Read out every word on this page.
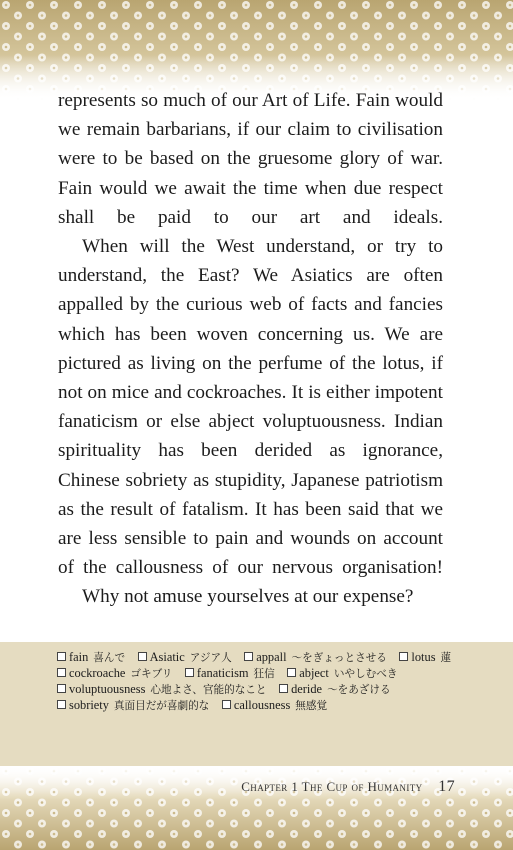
represents so much of our Art of Life. Fain would we remain barbarians, if our claim to civilisation were to be based on the gruesome glory of war. Fain would we await the time when due respect shall be paid to our art and ideals.

When will the West understand, or try to understand, the East? We Asiatics are often appalled by the curious web of facts and fancies which has been woven concerning us. We are pictured as living on the perfume of the lotus, if not on mice and cockroaches. It is either impotent fanaticism or else abject voluptuousness. Indian spirituality has been derided as ignorance, Chinese sobriety as stupidity, Japanese patriotism as the result of fatalism. It has been said that we are less sensible to pain and wounds on account of the callousness of our nervous organisation!

Why not amuse yourselves at our expense?

fain 喜んで Asiatic アジア人 appall ～をぎょっとさせる lotus 蓮
cockroache ゴキブリ fanaticism 狂信 abject いやしむべき
voluptuousness 心地よさ、官能的なこと deride ～をあざける
sobriety 真面目だが喜劇的な callousness 無感覚
Chapter 1 The Cup of Humanity 17
